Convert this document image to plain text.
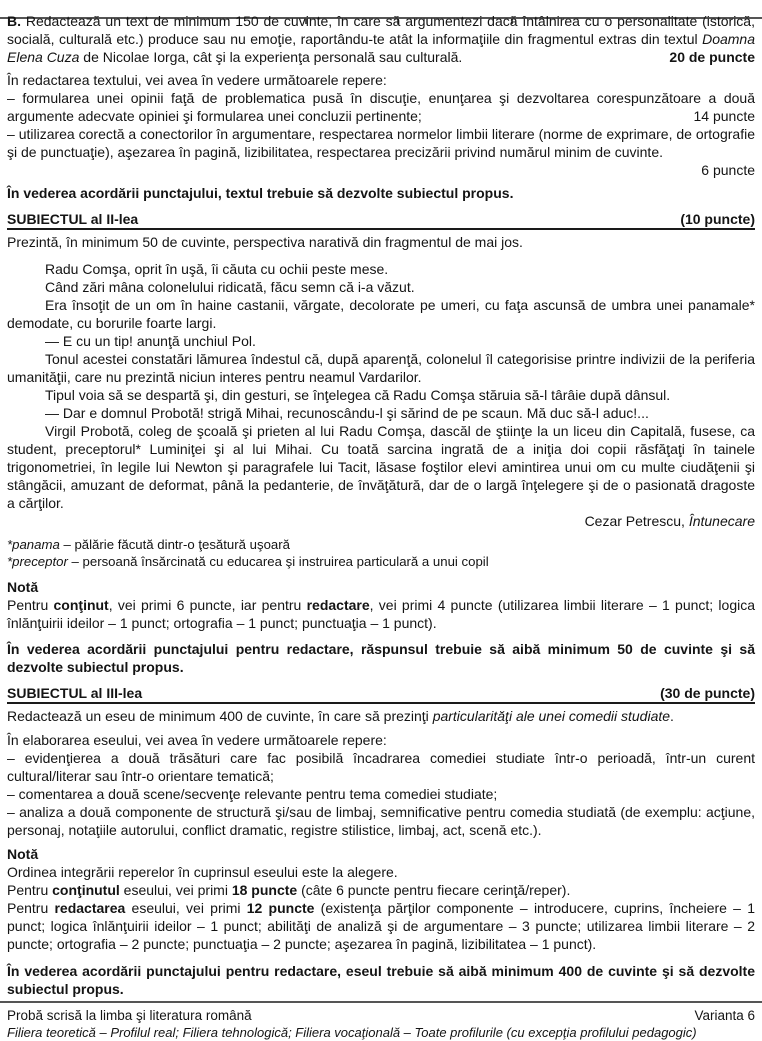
B. Redactează un text de minimum 150 de cuvinte, în care să argumentezi dacă întâlnirea cu o personalitate (istorică, socială, culturală etc.) produce sau nu emoţie, raportându-te atât la informaţiile din fragmentul extras din textul Doamna Elena Cuza de Nicolae Iorga, cât şi la experienţa personală sau culturală.	20 de puncte

În redactarea textului, vei avea în vedere următoarele repere:

– formularea unei opinii faţă de problematica pusă în discuţie, enunţarea şi dezvoltarea corespunzătoare a două argumente adecvate opiniei şi formularea unei concluzii pertinente;	14 puncte

– utilizarea corectă a conectorilor în argumentare, respectarea normelor limbii literare (norme de exprimare, de ortografie şi de punctuaţie), aşezarea în pagină, lizibilitatea, respectarea precizării privind numărul minim de cuvinte.

6 puncte

În vederea acordării punctajului, textul trebuie să dezvolte subiectul propus.

SUBIECTUL al II-lea	(10 puncte)

Prezintă, în minimum 50 de cuvinte, perspectiva narativă din fragmentul de mai jos.

Radu Comşa, oprit în uşă, îi căuta cu ochii peste mese.

Când zări mâna colonelului ridicată, făcu semn că i-a văzut.

Era însoţit de un om în haine castanii, vărgate, decolorate pe umeri, cu faţa ascunsă de umbra unei panamale* demodate, cu borurile foarte largi.

— E cu un tip! anunţă unchiul Pol.

Tonul acestei constatări lămurea îndestul că, după aparenţă, colonelul îl categorisise printre indivizii de la periferia umanităţii, care nu prezintă niciun interes pentru neamul Vardarilor.

Tipul voia să se despartă şi, din gesturi, se înţelegea că Radu Comşa stăruia să-l târâie după dânsul.

— Dar e domnul Probotă! strigă Mihai, recunoscându-l şi sărind de pe scaun. Mă duc să-l aduc!...

Virgil Probotă, coleg de şcoală şi prieten al lui Radu Comşa, dascăl de ştiinţe la un liceu din Capitală, fusese, ca student, preceptorul* Luminiţei şi al lui Mihai. Cu toată sarcina ingrată de a iniţia doi copii răsfăţaţi în tainele trigonometriei, în legile lui Newton şi paragrafele lui Tacit, lăsase foştilor elevi amintirea unui om cu multe ciudăţenii şi stângăcii, amuzant de deformat, până la pedanterie, de învăţătură, dar de o largă înţelegere şi de o pasionată dragoste a cărţilor.

Cezar Petrescu, Întunecare

*panama – pălărie făcută dintr-o ţesătură uşoară

*preceptor – persoană însărcinată cu educarea şi instruirea particulară a unui copil

Notă

Pentru conţinut, vei primi 6 puncte, iar pentru redactare, vei primi 4 puncte (utilizarea limbii literare – 1 punct; logica înlănţuirii ideilor – 1 punct; ortografia – 1 punct; punctuaţia – 1 punct).

În vederea acordării punctajului pentru redactare, răspunsul trebuie să aibă minimum 50 de cuvinte şi să dezvolte subiectul propus.

SUBIECTUL al III-lea	(30 de puncte)

Redactează un eseu de minimum 400 de cuvinte, în care să prezinţi particularităţi ale unei comedii studiate.

În elaborarea eseului, vei avea în vedere următoarele repere:

– evidenţierea a două trăsături care fac posibilă încadrarea comediei studiate într-o perioadă, într-un curent cultural/literar sau într-o orientare tematică;

– comentarea a două scene/secvenţe relevante pentru tema comediei studiate;

– analiza a două componente de structură şi/sau de limbaj, semnificative pentru comedia studiată (de exemplu: acţiune, personaj, notaţiile autorului, conflict dramatic, registre stilistice, limbaj, act, scenă etc.).

Notă

Ordinea integrării reperelor în cuprinsul eseului este la alegere.

Pentru conţinutul eseului, vei primi 18 puncte (câte 6 puncte pentru fiecare cerinţă/reper).

Pentru redactarea eseului, vei primi 12 puncte (existenţa părţilor componente – introducere, cuprins, încheiere – 1 punct; logica înlănţuirii ideilor – 1 punct; abilităţi de analiză şi de argumentare – 3 puncte; utilizarea limbii literare – 2 puncte; ortografia – 2 puncte; punctuaţia – 2 puncte; aşezarea în pagină, lizibilitatea – 1 punct).

În vederea acordării punctajului pentru redactare, eseul trebuie să aibă minimum 400 de cuvinte şi să dezvolte subiectul propus.

Probă scrisă la limba şi literatura română	Varianta 6
Filiera teoretică – Profilul real; Filiera tehnologică; Filiera vocaţională – Toate profilurile (cu excepţia profilului pedagogic)
